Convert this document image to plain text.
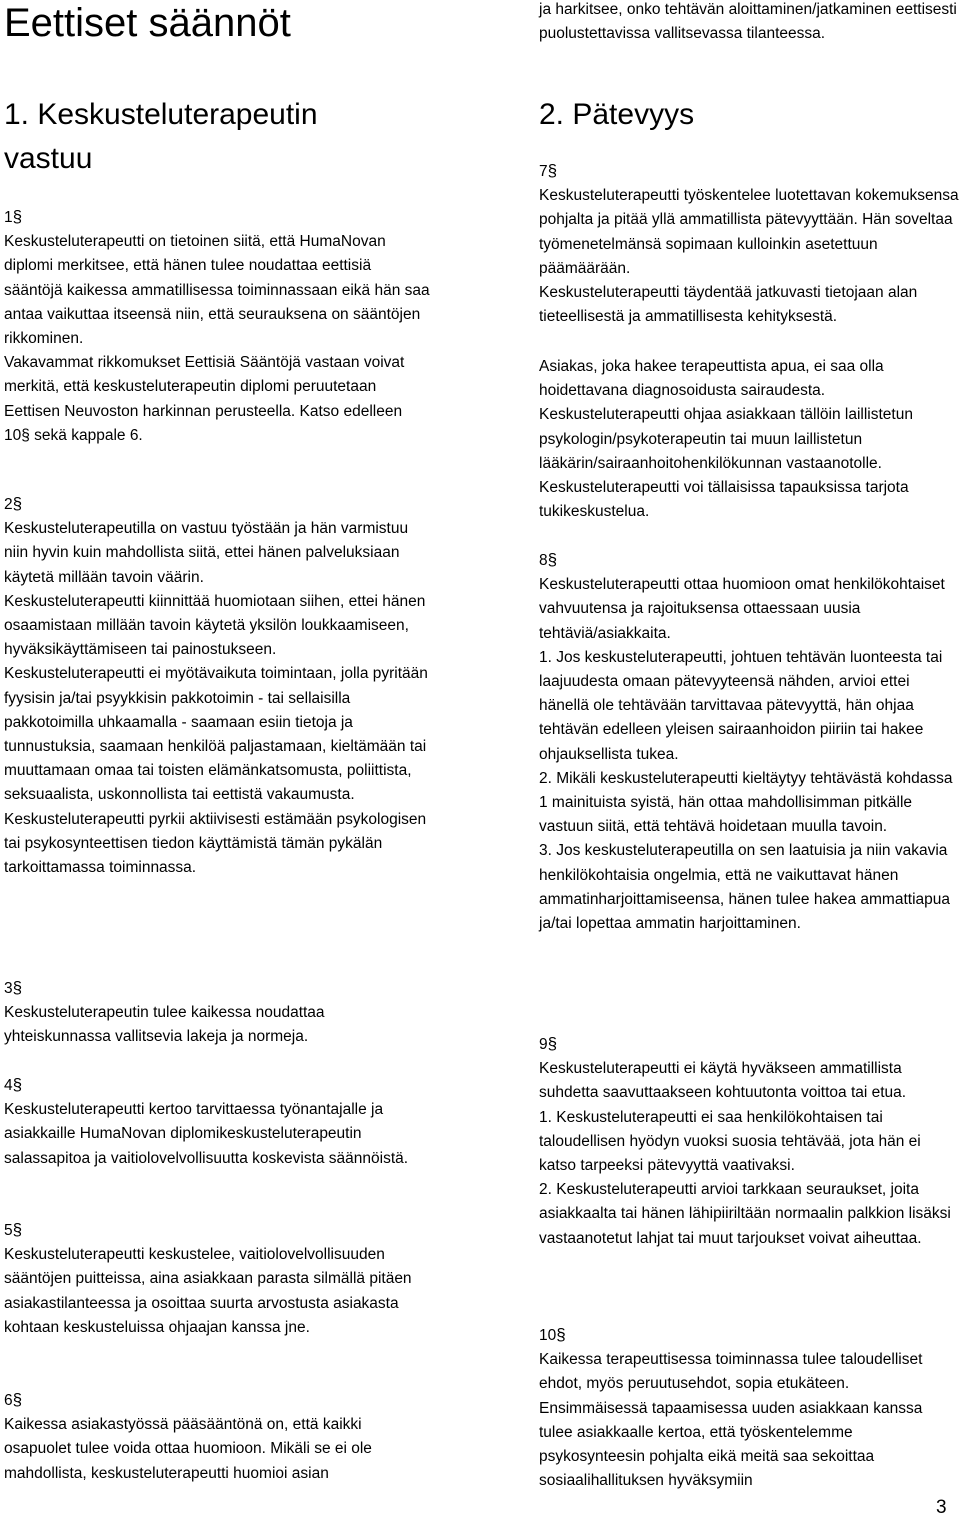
Eettiset säännöt
1. Keskusteluterapeutin vastuu
1§

Keskusteluterapeutti on tietoinen siitä, että HumaNovan diplomi merkitsee, että hänen tulee noudattaa eettisiä sääntöjä kaikessa ammatillisessa toiminnassaan eikä hän saa antaa vaikuttaa itseensä niin, että seurauksena on sääntöjen rikkominen.

Vakavammat rikkomukset Eettisiä Sääntöjä vastaan voivat merkitä, että keskusteluterapeutin diplomi peruutetaan Eettisen Neuvoston harkinnan perusteella. Katso edelleen 10§ sekä kappale 6.

2§

Keskusteluterapeutilla on vastuu työstään ja hän varmistuu niin hyvin kuin mahdollista siitä, ettei hänen palveluksiaan käytetä millään tavoin väärin.

Keskusteluterapeutti kiinnittää huomiotaan siihen, ettei hänen osaamistaan millään tavoin käytetä yksilön loukkaamiseen, hyväksikäyttämiseen tai painostukseen.

Keskusteluterapeutti ei myötävaikuta toimintaan, jolla pyritään fyysisin ja/tai psyykkisin pakkotoimin - tai sellaisilla pakkotoimilla uhkaamalla - saamaan esiin tietoja ja tunnustuksia, saamaan henkilöä paljastamaan, kieltämään tai muuttamaan omaa tai toisten elämänkatsomusta, poliittista, seksuaalista, uskonnollista tai eettistä vakaumusta.

Keskusteluterapeutti pyrkii aktiivisesti estämään psykologisen tai psykosynteettisen tiedon käyttämistä tämän pykälän tarkoittamassa toiminnassa.

3§

Keskusteluterapeutin tulee kaikessa noudattaa yhteiskunnassa vallitsevia lakeja ja normeja.

4§

Keskusteluterapeutti kertoo tarvittaessa työnantajalle ja asiakkaille HumaNovan diplomikeskusteluterapeutin salassapitoa ja vaitiolovelvollisuutta koskevista säännöistä.

5§

Keskusteluterapeutti keskustelee, vaitiolovelvollisuuden sääntöjen puitteissa, aina asiakkaan parasta silmällä pitäen asiakastilanteessa ja osoittaa suurta arvostusta asiakasta kohtaan keskusteluissa ohjaajan kanssa jne.

6§

Kaikessa asiakastyössä pääsääntönä on, että kaikki osapuolet tulee voida ottaa huomioon. Mikäli se ei ole mahdollista, keskusteluterapeutti huomioi asian

ja harkitsee, onko tehtävän aloittaminen/jatkaminen eettisesti puolustettavissa vallitsevassa tilanteessa.

2. Pätevyys
7§

Keskusteluterapeutti työskentelee luotettavan kokemuksensa pohjalta ja pitää yllä ammatillista pätevyyttään. Hän soveltaa työmenetelmänsä sopimaan kulloinkin asetettuun päämäärään.

Keskusteluterapeutti täydentää jatkuvasti tietojaan alan tieteellisestä ja ammatillisesta kehityksestä.

Asiakas, joka hakee terapeuttista apua, ei saa olla hoidettavana diagnosoidusta sairaudesta.

Keskusteluterapeutti ohjaa asiakkaan tällöin laillistetun psykologin/psykoterapeutin tai muun laillistetun lääkärin/sairaanhoitohenkilökunnan vastaanotolle. Keskusteluterapeutti voi tällaisissa tapauksissa tarjota tukikeskustelua.

8§

Keskusteluterapeutti ottaa huomioon omat henkilökohtaiset vahvuutensa ja rajoituksensa ottaessaan uusia tehtäviä/asiakkaita.

1. Jos keskusteluterapeutti, johtuen tehtävän luonteesta tai laajuudesta omaan pätevyyteensä nähden, arvioi ettei hänellä ole tehtävään tarvittavaa pätevyyttä, hän ohjaa tehtävän edelleen yleisen sairaanhoidon piiriin tai hakee ohjauksellista tukea.

2. Mikäli keskusteluterapeutti kieltäytyy tehtävästä kohdassa 1 mainituista syistä, hän ottaa mahdollisimman pitkälle vastuun siitä, että tehtävä hoidetaan muulla tavoin.

3. Jos keskusteluterapeutilla on sen laatuisia ja niin vakavia henkilökohtaisia ongelmia, että ne vaikuttavat hänen ammatinharjoittamiseensa, hänen tulee hakea ammattiapua ja/tai lopettaa ammatin harjoittaminen.

9§

Keskusteluterapeutti ei käytä hyväkseen ammatillista suhdetta saavuttaakseen kohtuutonta voittoa tai etua.

1. Keskusteluterapeutti ei saa henkilökohtaisen tai taloudellisen hyödyn vuoksi suosia tehtävää, jota hän ei katso tarpeeksi pätevyyttä vaativaksi.

2. Keskusteluterapeutti arvioi tarkkaan seuraukset, joita asiakkaalta tai hänen lähipiiriltään normaalin palkkion lisäksi vastaanotetut lahjat tai muut tarjoukset voivat aiheuttaa.

10§

Kaikessa terapeuttisessa toiminnassa tulee taloudelliset ehdot, myös peruutusehdot, sopia etukäteen. Ensimmäisessä tapaamisessa uuden asiakkaan kanssa tulee asiakkaalle kertoa, että työskentelemme psykosynteesin pohjalta eikä meitä saa sekoittaa sosiaalihallituksen hyväksymiin

3
